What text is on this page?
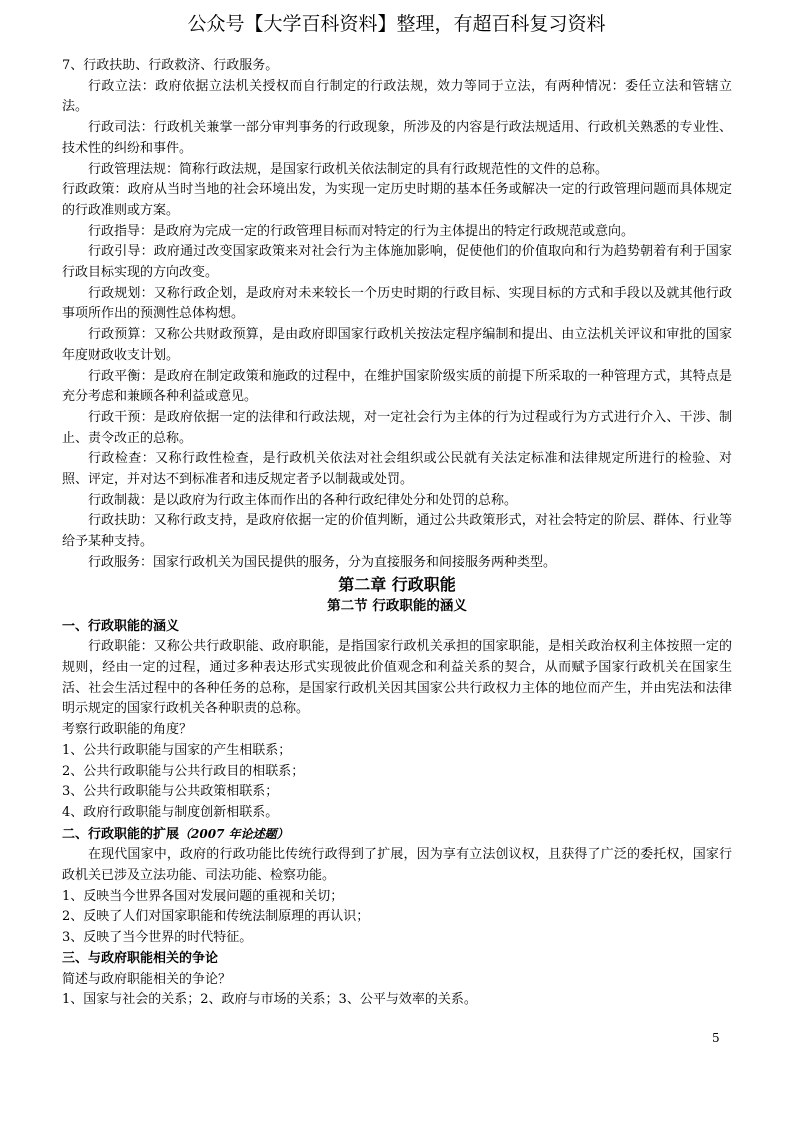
公众号【大学百科资料】整理，有超百科复习资料

7、行政扶助、行政救济、行政服务。

行政立法：政府依据立法机关授权而自行制定的行政法规，效力等同于立法，有两种情况：委任立法和管辖立法。

行政司法：行政机关兼掌一部分审判事务的行政现象，所涉及的内容是行政法规适用、行政机关熟悉的专业性、技术性的纠纷和事件。

行政管理法规：简称行政法规，是国家行政机关依法制定的具有行政规范性的文件的总称。

行政政策：政府从当时当地的社会环境出发，为实现一定历史时期的基本任务或解决一定的行政管理问题而具体规定的行政准则或方案。

行政指导：是政府为完成一定的行政管理目标而对特定的行为主体提出的特定行政规范或意向。

行政引导：政府通过改变国家政策来对社会行为主体施加影响，促使他们的价值取向和行为趋势朝着有利于国家行政目标实现的方向改变。

行政规划：又称行政企划，是政府对未来较长一个历史时期的行政目标、实现目标的方式和手段以及就其他行政事项所作出的预测性总体构想。

行政预算：又称公共财政预算，是由政府即国家行政机关按法定程序编制和提出、由立法机关评议和审批的国家年度财政收支计划。

行政平衡：是政府在制定政策和施政的过程中，在维护国家阶级实质的前提下所采取的一种管理方式，其特点是充分考虑和兼顾各种利益或意见。

行政干预：是政府依据一定的法律和行政法规，对一定社会行为主体的行为过程或行为方式进行介入、干涉、制止、责令改正的总称。

行政检查：又称行政性检查，是行政机关依法对社会组织或公民就有关法定标准和法律规定所进行的检验、对照、评定，并对达不到标准者和违反规定者予以制裁或处罚。

行政制裁：是以政府为行政主体而作出的各种行政纪律处分和处罚的总称。

行政扶助：又称行政支持，是政府依据一定的价值判断，通过公共政策形式，对社会特定的阶层、群体、行业等给予某种支持。

行政服务：国家行政机关为国民提供的服务，分为直接服务和间接服务两种类型。

第二章 行政职能

第二节 行政职能的涵义

一、行政职能的涵义

行政职能：又称公共行政职能、政府职能，是指国家行政机关承担的国家职能，是相关政治权利主体按照一定的规则，经由一定的过程，通过多种表达形式实现彼此价值观念和利益关系的契合，从而赋予国家行政机关在国家生活、社会生活过程中的各种任务的总称，是国家行政机关因其国家公共行政权力主体的地位而产生，并由宪法和法律明示规定的国家行政机关各种职责的总称。

考察行政职能的角度？

1、公共行政职能与国家的产生相联系；

2、公共行政职能与公共行政目的相联系；

3、公共行政职能与公共政策相联系；

4、政府行政职能与制度创新相联系。

二、行政职能的扩展（2007 年论述题）

在现代国家中，政府的行政功能比传统行政得到了扩展，因为享有立法创议权，且获得了广泛的委托权，国家行政机关已涉及立法功能、司法功能、检察功能。

1、反映当今世界各国对发展问题的重视和关切；

2、反映了人们对国家职能和传统法制原理的再认识；

3、反映了当今世界的时代特征。

三、与政府职能相关的争论

简述与政府职能相关的争论？

1、国家与社会的关系；2、政府与市场的关系；3、公平与效率的关系。

5
